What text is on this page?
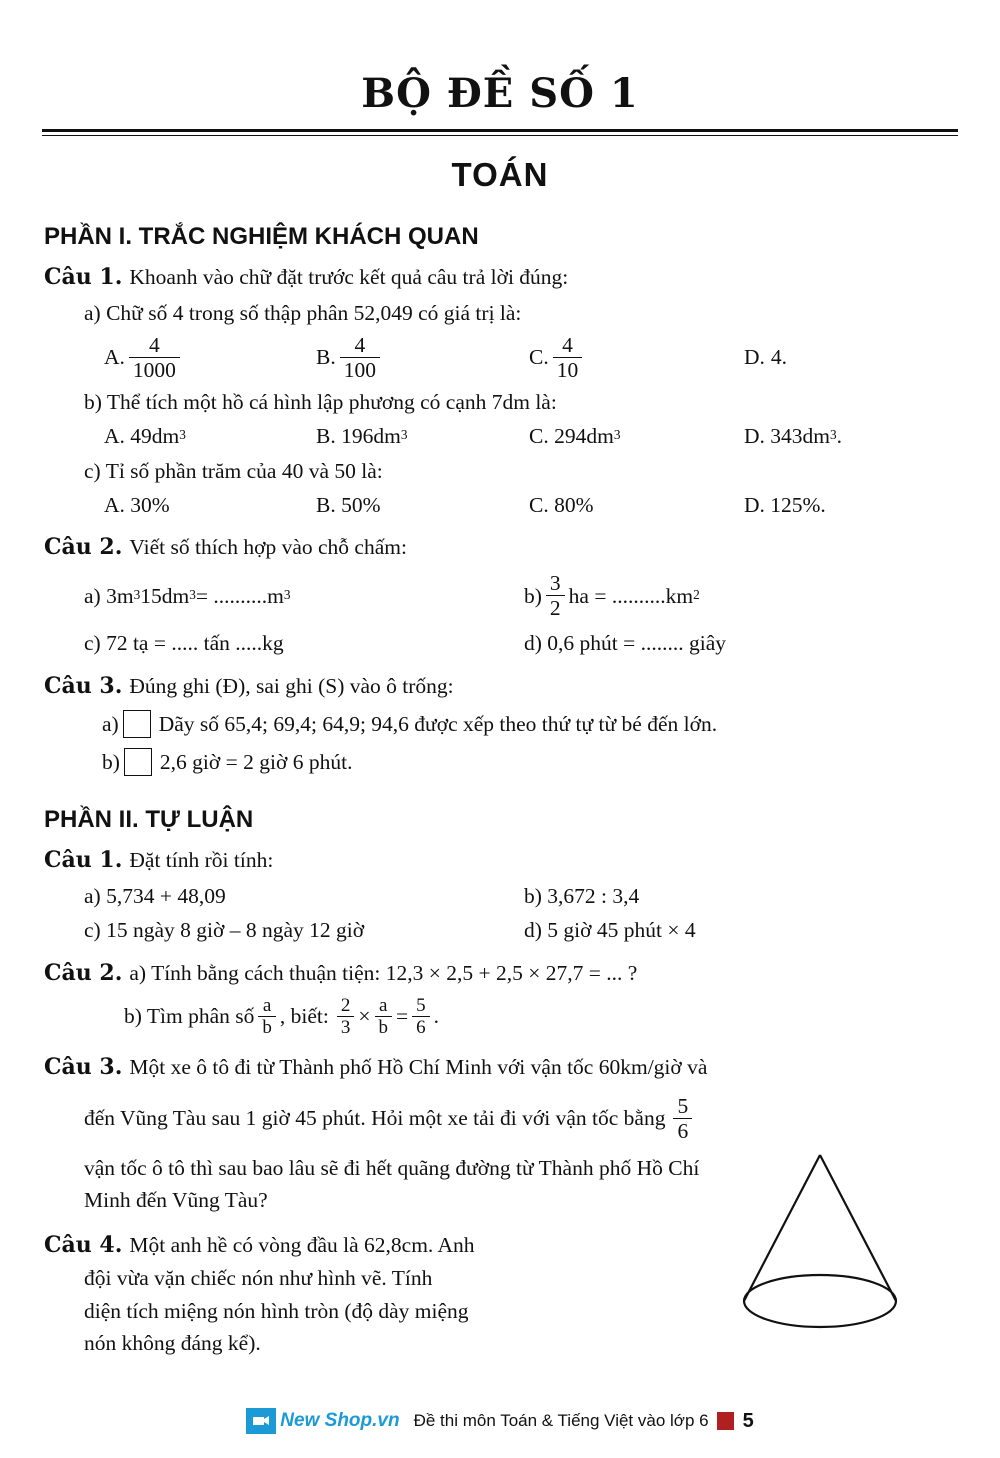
BỘ ĐỀ SỐ 1
TOÁN
PHẦN I. TRẮC NGHIỆM KHÁCH QUAN
Câu 1. Khoanh vào chữ đặt trước kết quả câu trả lời đúng:
a) Chữ số 4 trong số thập phân 52,049 có giá trị là:
A. $\frac{4}{1000}$	B. $\frac{4}{100}$	C. $\frac{4}{10}$	D. 4.
b) Thể tích một hồ cá hình lập phương có cạnh 7dm là:
A. 49dm 3	B. 196dm 3	C. 294dm 3	D. 343dm 3 .
c) Tỉ số phần trăm của 40 và 50 là:
A. 30%	B. 50%	C. 80%	D. 125%.
Câu 2. Viết số thích hợp vào chỗ chấm:
a) 3m 3 15dm 3 = ..........m 3	$b) \frac{3}{2}$ ha = ..........km 2
c) 72 tạ = ..... tấn .....kg	d) 0,6 phút = ........ giây
Câu 3. Đúng ghi (Đ), sai ghi (S) vào ô trống:
a) Dãy số 65,4; 69,4; 64,9; 94,6 được xếp theo thứ tự từ bé đến lớn.
b) 2,6 giờ = 2 giờ 6 phút.
PHẦN II. TỰ LUẬN
Câu 1. Đặt tính rồi tính:
a) 5,734 + 48,09	b) 3,672 : 3,4
c) 15 ngày 8 giờ – 8 ngày 12 giờ	d) 5 giờ 45 phút × 4
Câu 2. a) Tính bằng cách thuận tiện: 12,3 × 2,5 + 2,5 × 27,7 = ... ?
b) Tìm phân số $\frac{a}{b}$ , biết: $\frac{2}{3} \times \frac{a}{b} = \frac{5}{6}$ .
Câu 3. Một xe ô tô đi từ Thành phố Hồ Chí Minh với vận tốc 60km/giờ và
đến Vũng Tàu sau 1 giờ 45 phút. Hỏi một xe tải đi với vận tốc bằng $\frac{5}{6}$
vận tốc ô tô thì sau bao lâu sẽ đi hết quãng đường từ Thành phố Hồ Chí
Minh đến Vũng Tàu?
Câu 4. Một anh hề có vòng đầu là 62,8cm. Anh
đội vừa vặn chiếc nón như hình vẽ. Tính
diện tích miệng nón hình tròn (độ dày miệng
nón không đáng kể).
New Shop.vn Đề thi môn Toán & Tiếng Việt vào lớp 6 5
